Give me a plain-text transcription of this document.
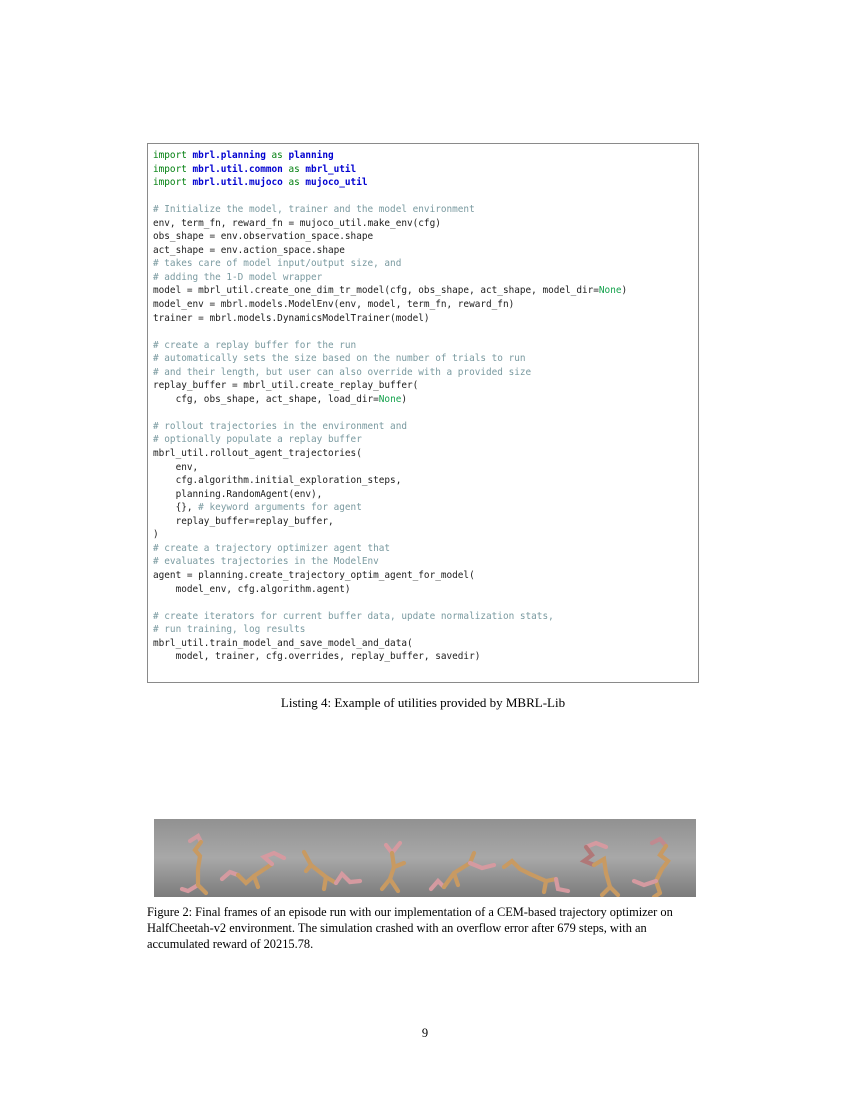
import mbrl.planning as planning
import mbrl.util.common as mbrl_util
import mbrl.util.mujoco as mujoco_util

# Initialize the model, trainer and the model environment
env, term_fn, reward_fn = mujoco_util.make_env(cfg)
obs_shape = env.observation_space.shape
act_shape = env.action_space.shape
# takes care of model input/output size, and
# adding the 1-D model wrapper
model = mbrl_util.create_one_dim_tr_model(cfg, obs_shape, act_shape, model_dir=None)
model_env = mbrl.models.ModelEnv(env, model, term_fn, reward_fn)
trainer = mbrl.models.DynamicsModelTrainer(model)

# create a replay buffer for the run
# automatically sets the size based on the number of trials to run
# and their length, but user can also override with a provided size
replay_buffer = mbrl_util.create_replay_buffer(
cfg, obs_shape, act_shape, load_dir=None)

# rollout trajectories in the environment and
# optionally populate a replay buffer
mbrl_util.rollout_agent_trajectories(
env,
cfg.algorithm.initial_exploration_steps,
planning.RandomAgent(env),
{}, # keyword arguments for agent
replay_buffer=replay_buffer,
)
# create a trajectory optimizer agent that
# evaluates trajectories in the ModelEnv
agent = planning.create_trajectory_optim_agent_for_model(
model_env, cfg.algorithm.agent)

# create iterators for current buffer data, update normalization stats,
# run training, log results
mbrl_util.train_model_and_save_model_and_data(
model, trainer, cfg.overrides, replay_buffer, savedir)
Listing 4: Example of utilities provided by MBRL-Lib
Figure 2: Final frames of an episode run with our implementation of a CEM-based trajectory optimizer on HalfCheetah-v2 environment. The simulation crashed with an overflow error after 679 steps, with an accumulated reward of 20215.78.
9
